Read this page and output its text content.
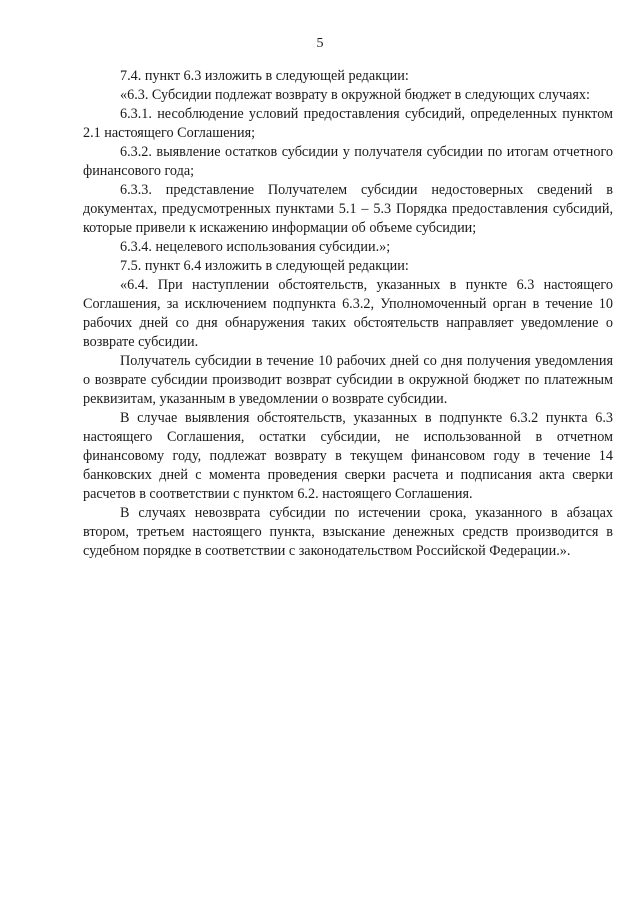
5

7.4. пункт 6.3 изложить в следующей редакции:

«6.3. Субсидии подлежат возврату в окружной бюджет в следующих случаях:

6.3.1. несоблюдение условий предоставления субсидий, определенных пунктом 2.1 настоящего Соглашения;

6.3.2. выявление остатков субсидии у получателя субсидии по итогам отчетного финансового года;

6.3.3. представление Получателем субсидии недостоверных сведений в документах, предусмотренных пунктами 5.1 – 5.3 Порядка предоставления субсидий, которые привели к искажению информации об объеме субсидии;

6.3.4. нецелевого использования субсидии.»;

7.5. пункт 6.4 изложить в следующей редакции:

«6.4. При наступлении обстоятельств, указанных в пункте 6.3 настоящего Соглашения, за исключением подпункта 6.3.2, Уполномоченный орган в течение 10 рабочих дней со дня обнаружения таких обстоятельств направляет уведомление о возврате субсидии.

Получатель субсидии в течение 10 рабочих дней со дня получения уведомления о возврате субсидии производит возврат субсидии в окружной бюджет по платежным реквизитам, указанным в уведомлении о возврате субсидии.

В случае выявления обстоятельств, указанных в подпункте 6.3.2 пункта 6.3 настоящего Соглашения, остатки субсидии, не использованной в отчетном финансовому году, подлежат возврату в текущем финансовом году в течение 14 банковских дней с момента проведения сверки расчета и подписания акта сверки расчетов в соответствии с пунктом 6.2. настоящего Соглашения.

В случаях невозврата субсидии по истечении срока, указанного в абзацах втором, третьем настоящего пункта, взыскание денежных средств производится в судебном порядке в соответствии с законодательством Российской Федерации.».
